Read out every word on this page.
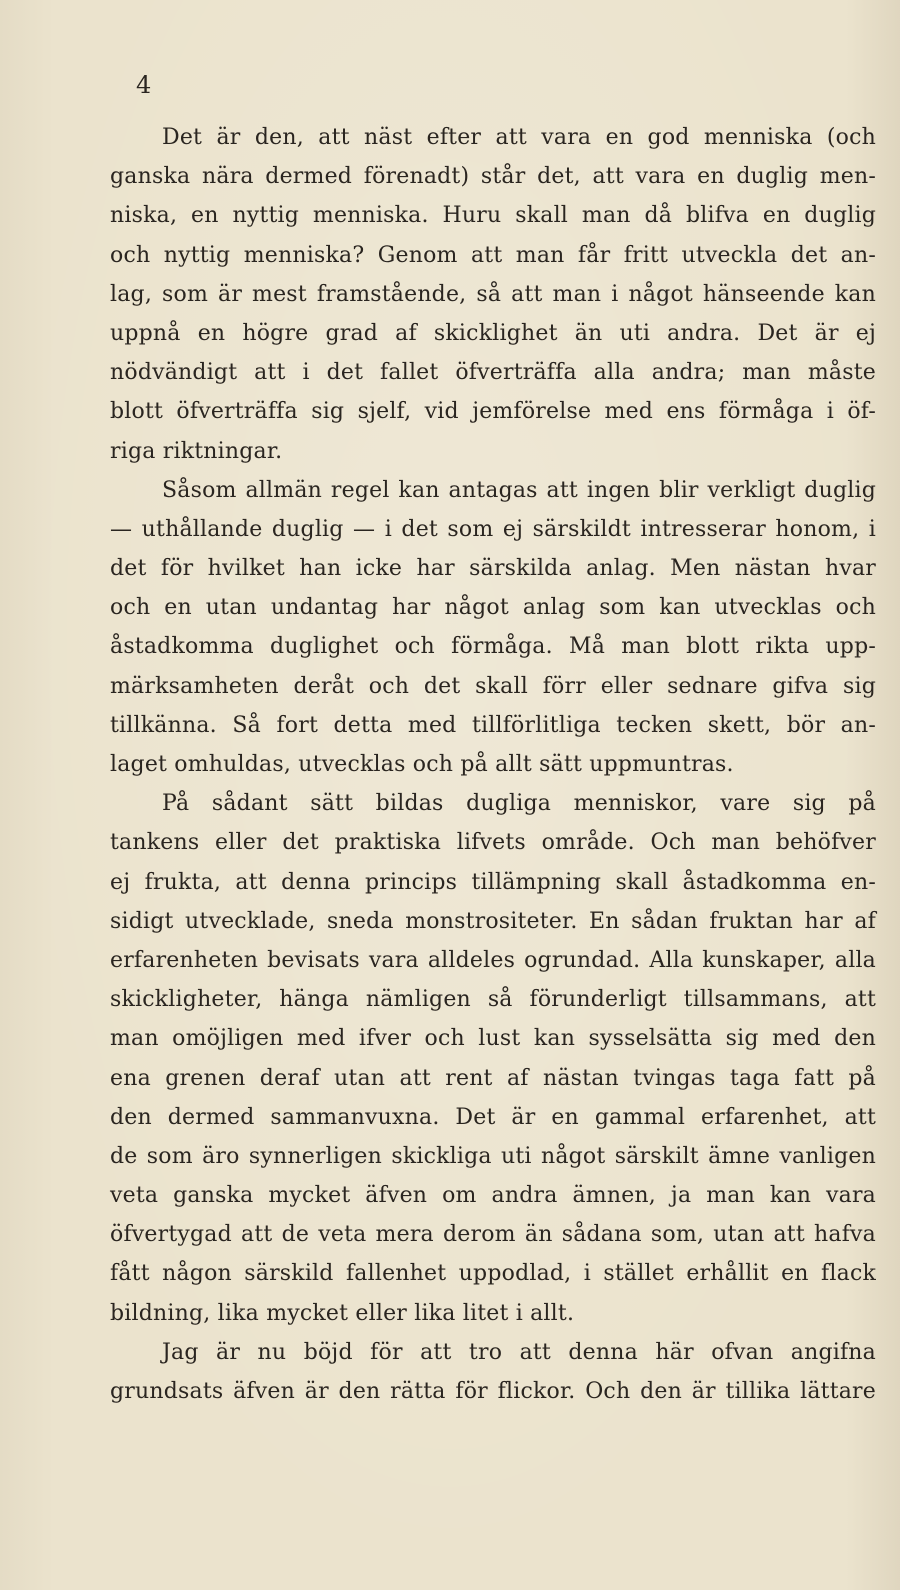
4
Det är den, att näst efter att vara en god menniska (och
ganska nära dermed förenadt) står det, att vara en duglig men-
niska, en nyttig menniska. Huru skall man då blifva en duglig
och nyttig menniska? Genom att man får fritt utveckla det an-
lag, som är mest framstående, så att man i något hänseende kan
uppnå en högre grad af skicklighet än uti andra. Det är ej
nödvändigt att i det fallet öfverträffa alla andra; man måste
blott öfverträffa sig sjelf, vid jemförelse med ens förmåga i öf-
riga riktningar.
Såsom allmän regel kan antagas att ingen blir verkligt duglig
— uthållande duglig — i det som ej särskildt intresserar honom, i
det för hvilket han icke har särskilda anlag. Men nästan hvar
och en utan undantag har något anlag som kan utvecklas och
åstadkomma duglighet och förmåga. Må man blott rikta upp-
märksamheten deråt och det skall förr eller sednare gifva sig
tillkänna. Så fort detta med tillförlitliga tecken skett, bör an-
laget omhuldas, utvecklas och på allt sätt uppmuntras.
På sådant sätt bildas dugliga menniskor, vare sig på
tankens eller det praktiska lifvets område. Och man behöfver
ej frukta, att denna princips tillämpning skall åstadkomma en-
sidigt utvecklade, sneda monstrositeter. En sådan fruktan har af
erfarenheten bevisats vara alldeles ogrundad. Alla kunskaper, alla
skickligheter, hänga nämligen så förunderligt tillsammans, att
man omöjligen med ifver och lust kan sysselsätta sig med den
ena grenen deraf utan att rent af nästan tvingas taga fatt på
den dermed sammanvuxna. Det är en gammal erfarenhet, att
de som äro synnerligen skickliga uti något särskilt ämne vanligen
veta ganska mycket äfven om andra ämnen, ja man kan vara
öfvertygad att de veta mera derom än sådana som, utan att hafva
fått någon särskild fallenhet uppodlad, i stället erhållit en flack
bildning, lika mycket eller lika litet i allt.
Jag är nu böjd för att tro att denna här ofvan angifna
grundsats äfven är den rätta för flickor. Och den är tillika lättare
